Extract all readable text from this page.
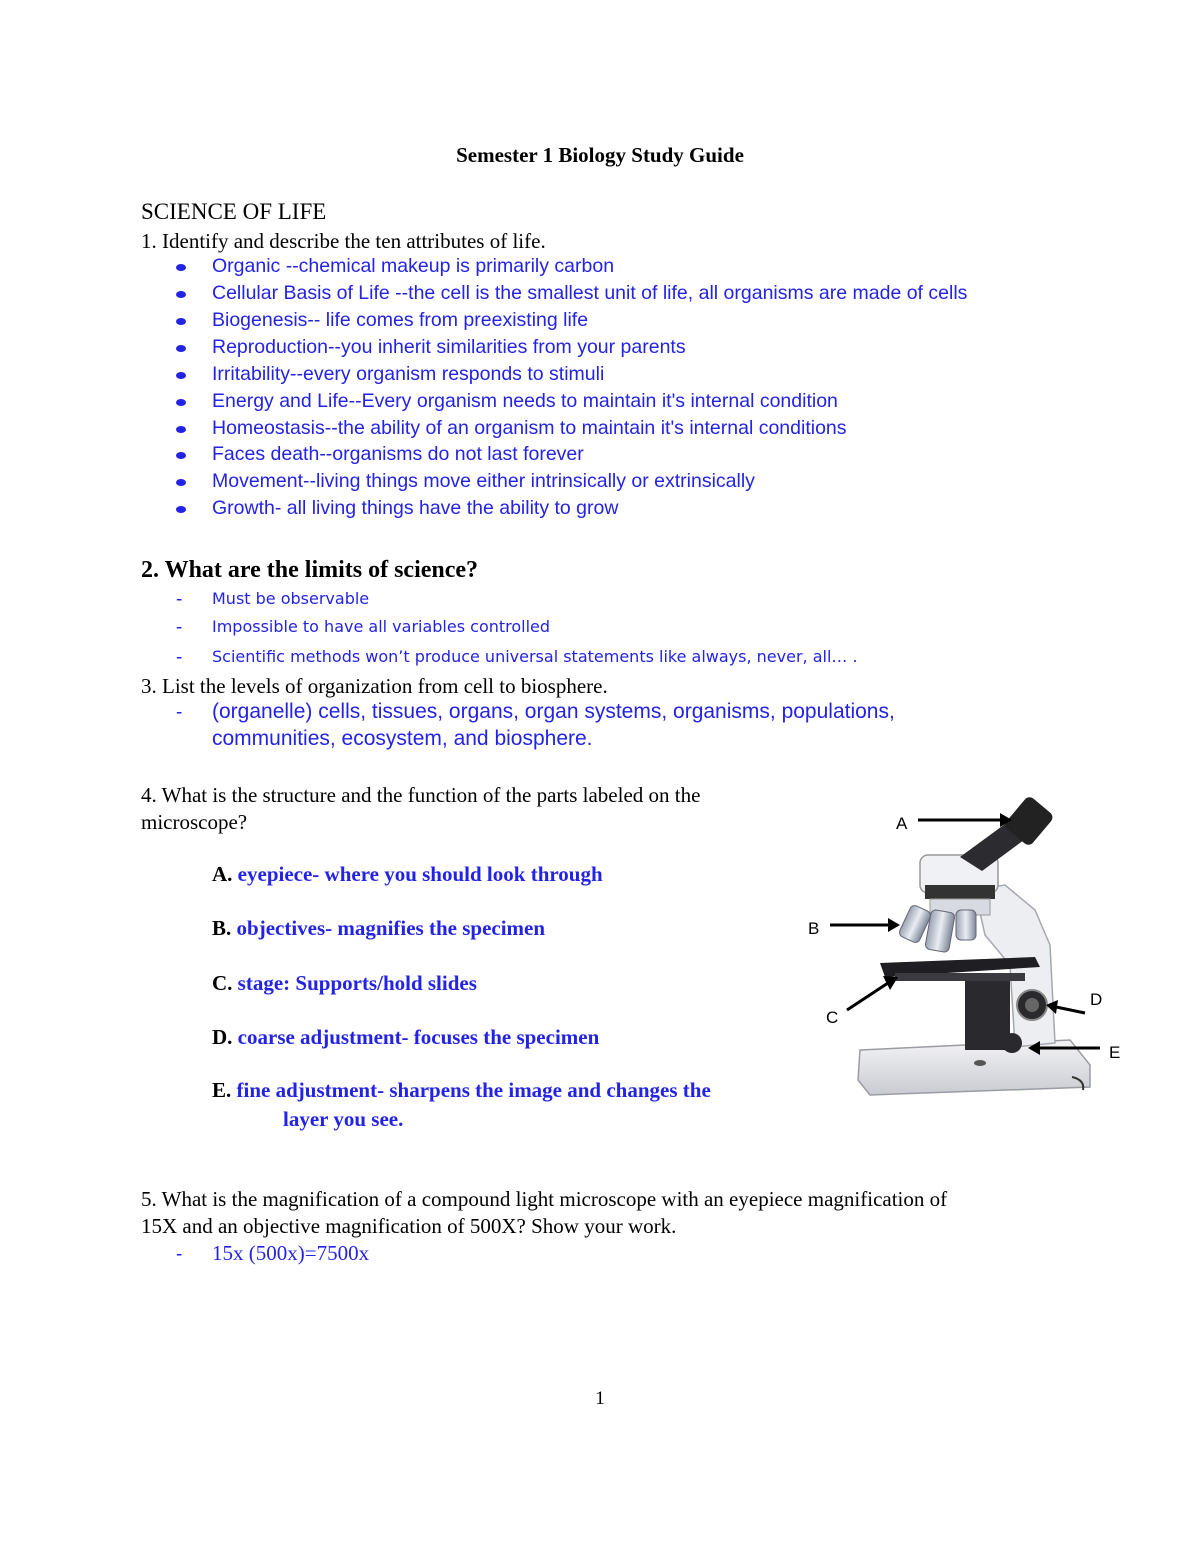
Semester 1 Biology Study Guide
SCIENCE OF LIFE
1. Identify and describe the ten attributes of life.
Organic --chemical makeup is primarily carbon
Cellular Basis of Life --the cell is the smallest unit of life, all organisms are made of cells
Biogenesis-- life comes from preexisting life
Reproduction--you inherit similarities from your parents
Irritability--every organism responds to stimuli
Energy and Life--Every organism needs to maintain it's internal condition
Homeostasis--the ability of an organism to maintain it's internal conditions
Faces death--organisms do not last forever
Movement--living things move either intrinsically or extrinsically
Growth- all living things have the ability to grow
2. What are the limits of science?
- Must be observable
- Impossible to have all variables controlled
- Scientific methods won’t produce universal statements like always, never, all… .
3. List the levels of organization from cell to biosphere.
- (organelle) cells, tissues, organs, organ systems, organisms, populations,
communities, ecosystem, and biosphere.
4. What is the structure and the function of the parts labeled on the
microscope?
A. eyepiece- where you should look through
B. objectives- magnifies the specimen
C. stage: Supports/hold slides
D. coarse adjustment- focuses the specimen
E. fine adjustment- sharpens the image and changes the
layer you see.
A
B
C
D
E
5. What is the magnification of a compound light microscope with an eyepiece magnification of
15X and an objective magnification of 500X? Show your work.
- 15x (500x)=7500x
1
